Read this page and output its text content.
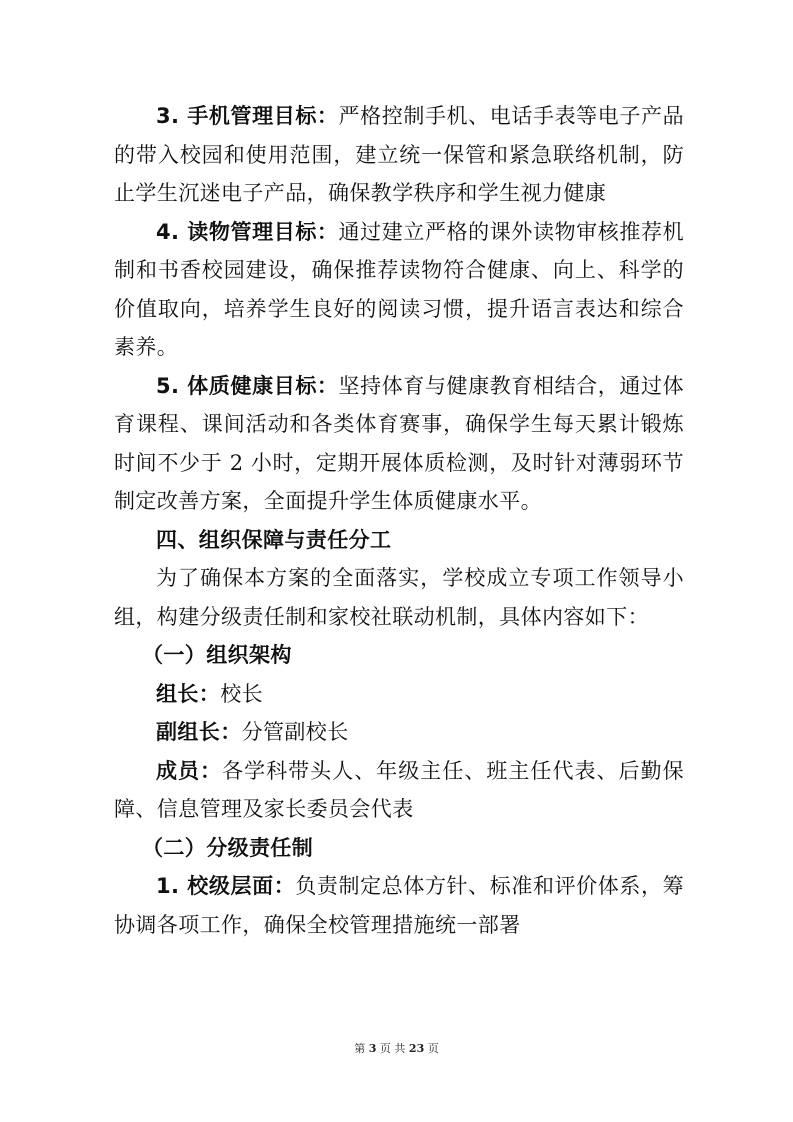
3. 手机管理目标：严格控制手机、电话手表等电子产品的带入校园和使用范围，建立统一保管和紧急联络机制，防止学生沉迷电子产品，确保教学秩序和学生视力健康

4. 读物管理目标：通过建立严格的课外读物审核推荐机制和书香校园建设，确保推荐读物符合健康、向上、科学的价值取向，培养学生良好的阅读习惯，提升语言表达和综合素养。

5. 体质健康目标：坚持体育与健康教育相结合，通过体育课程、课间活动和各类体育赛事，确保学生每天累计锻炼时间不少于 2 小时，定期开展体质检测，及时针对薄弱环节制定改善方案，全面提升学生体质健康水平。

四、组织保障与责任分工

为了确保本方案的全面落实，学校成立专项工作领导小组，构建分级责任制和家校社联动机制，具体内容如下：

（一）组织架构

组长：校长

副组长：分管副校长

成员：各学科带头人、年级主任、班主任代表、后勤保障、信息管理及家长委员会代表

（二）分级责任制

1. 校级层面：负责制定总体方针、标准和评价体系，筹协调各项工作，确保全校管理措施统一部署

第 3 页 共 23 页
